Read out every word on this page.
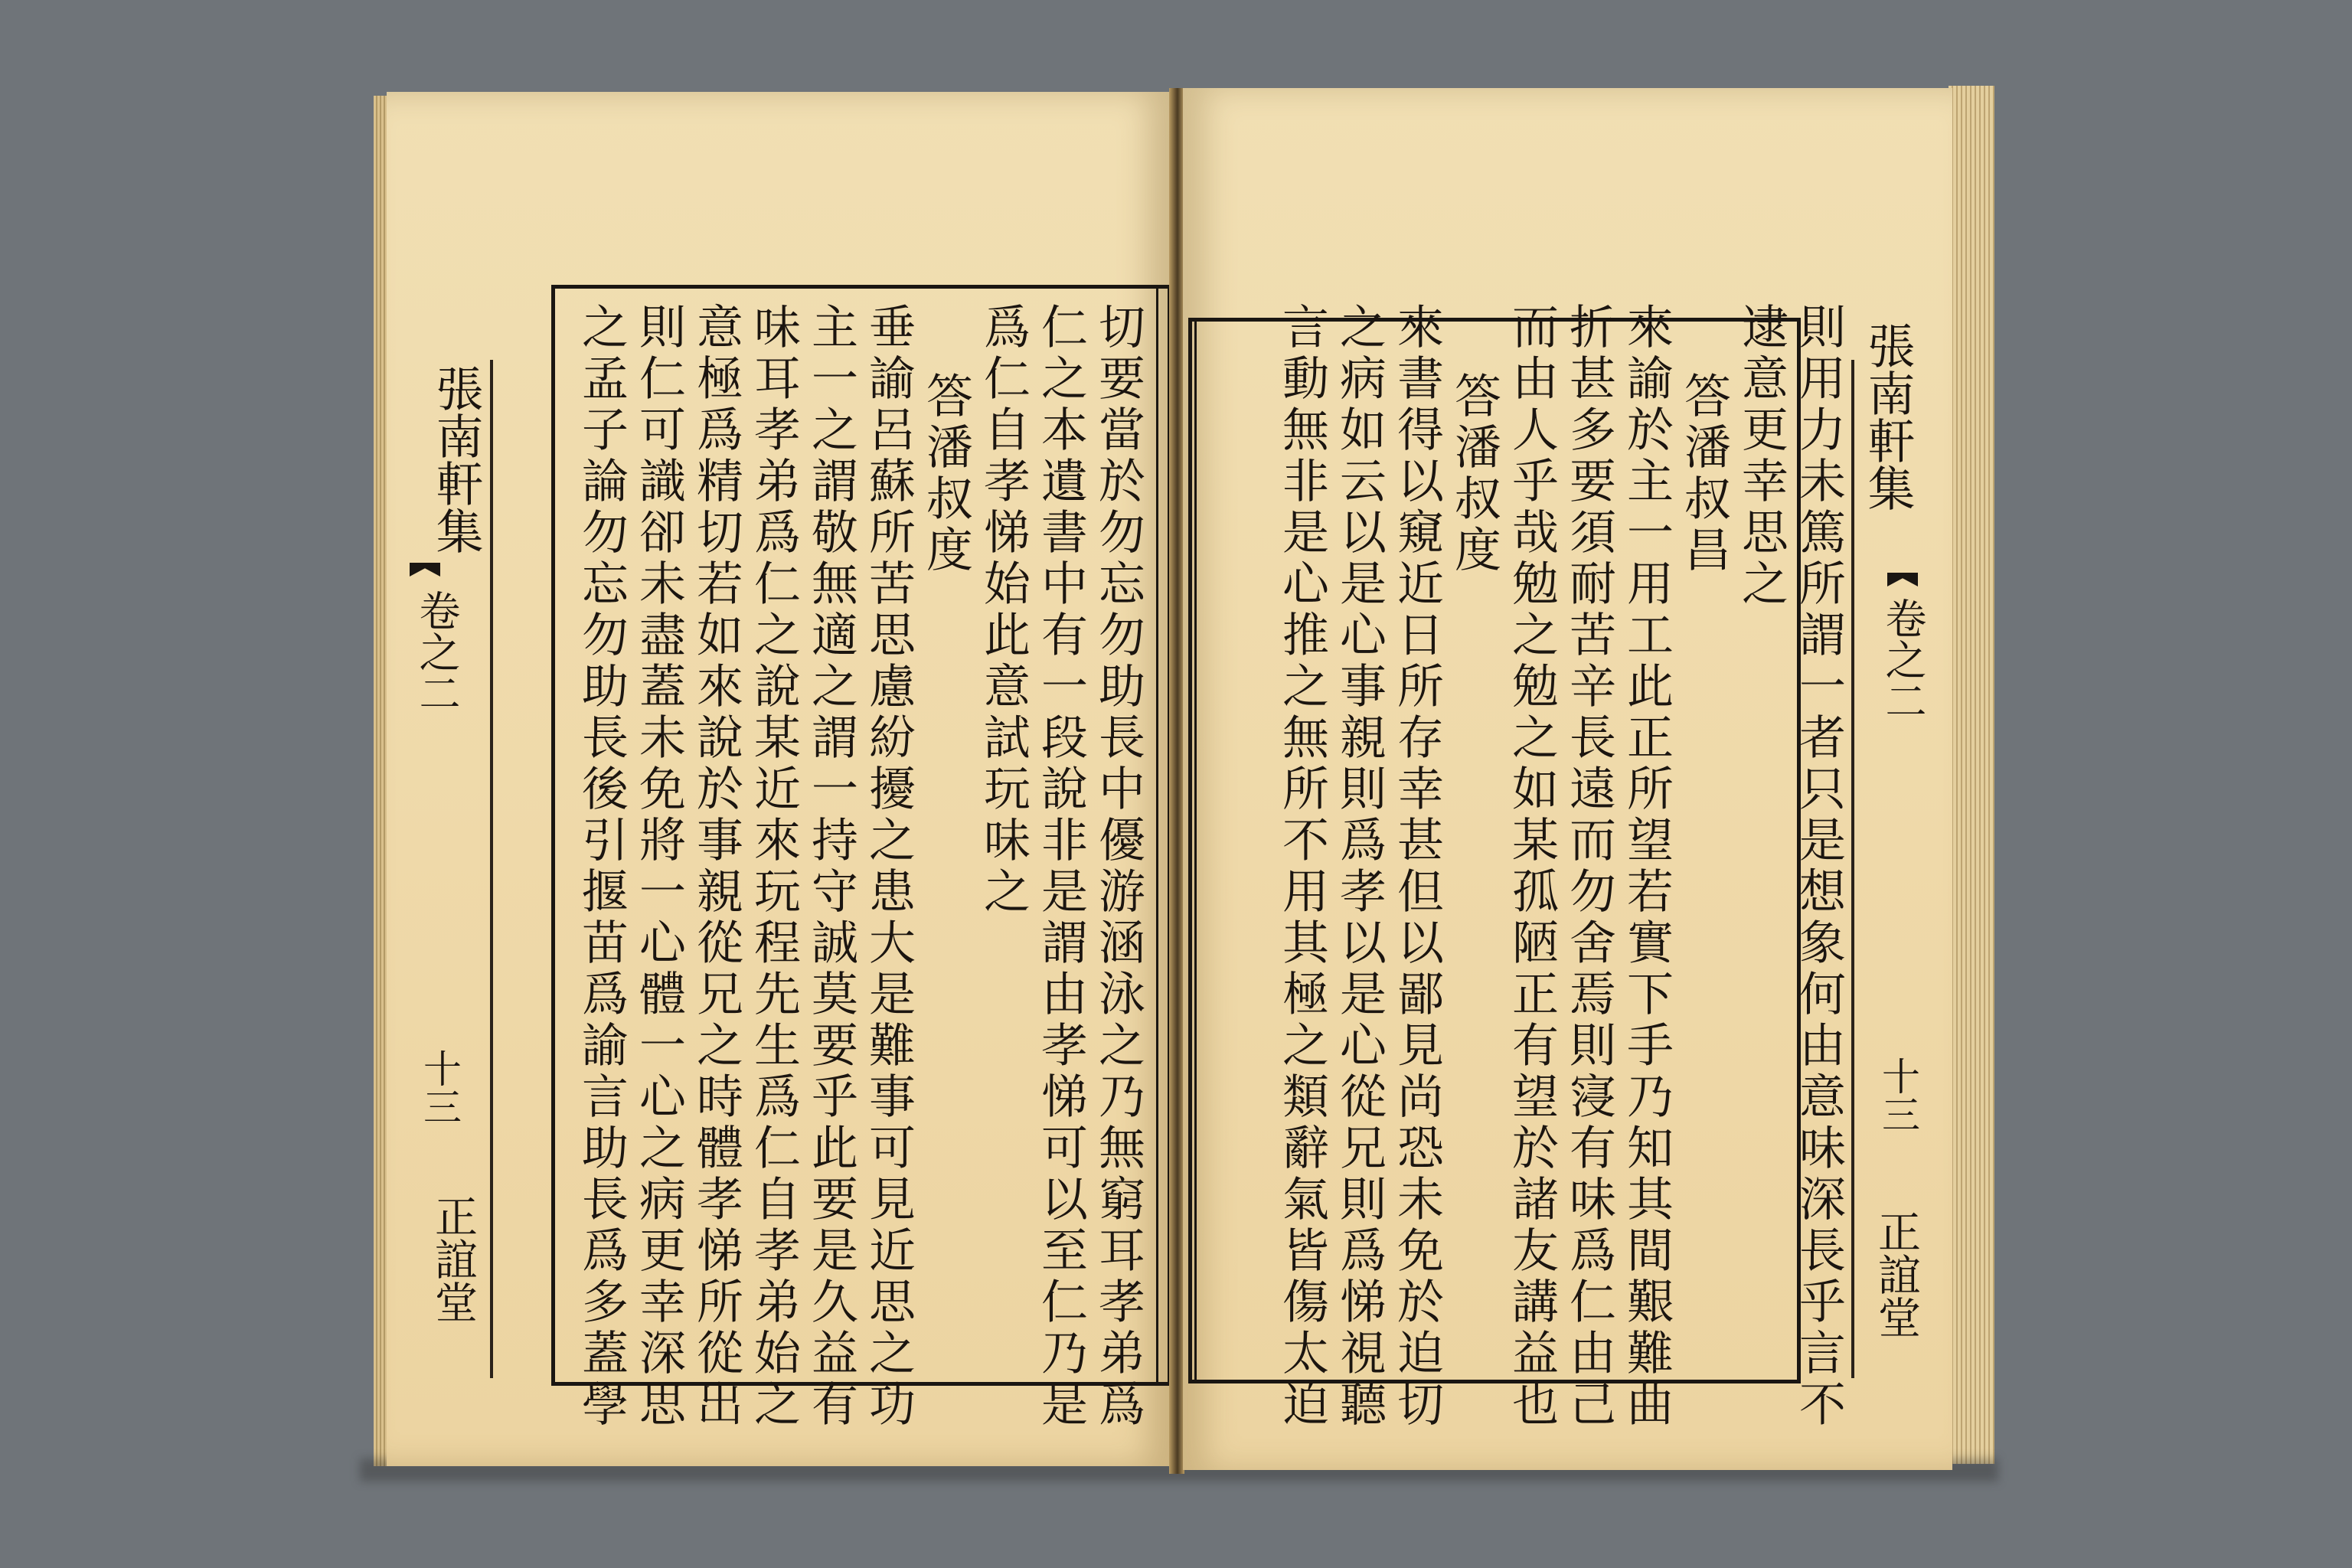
張南軒集
卷之二
十三
正誼堂	切要當於勿忘勿助長中優游涵泳之乃無窮耳孝弟爲
仁之本遺書中有一段說非是謂由孝悌可以至仁乃是
爲仁自孝悌始此意試玩味之
答潘叔度
垂諭呂蘇所苦思慮紛擾之患大是難事可見近思之功
主一之謂敬無適之謂一持守誠莫要乎此要是久益有
味耳孝弟爲仁之說某近來玩程先生爲仁自孝弟始之
意極爲精切若如來說於事親從兄之時體孝悌所從出
則仁可識卻未盡蓋未免將一心體一心之病更幸深思
之孟子論勿忘勿助長後引揠苗爲諭言助長爲多蓋學	則用力未篤所謂一者只是想象何由意味深長乎言不
逮意更幸思之
答潘叔昌
來諭於主一用工此正所望若實下手乃知其間艱難曲
折甚多要須耐苦辛長遠而勿舍焉則寖有味爲仁由己
而由人乎哉勉之勉之如某孤陋正有望於諸友講益也
答潘叔度
來書得以窺近日所存幸甚但以鄙見尚恐未免於迫切
之病如云以是心事親則爲孝以是心從兄則爲悌視聽
言動無非是心推之無所不用其極之類辭氣皆傷太迫	張南軒集
卷之二
十三
正誼堂
